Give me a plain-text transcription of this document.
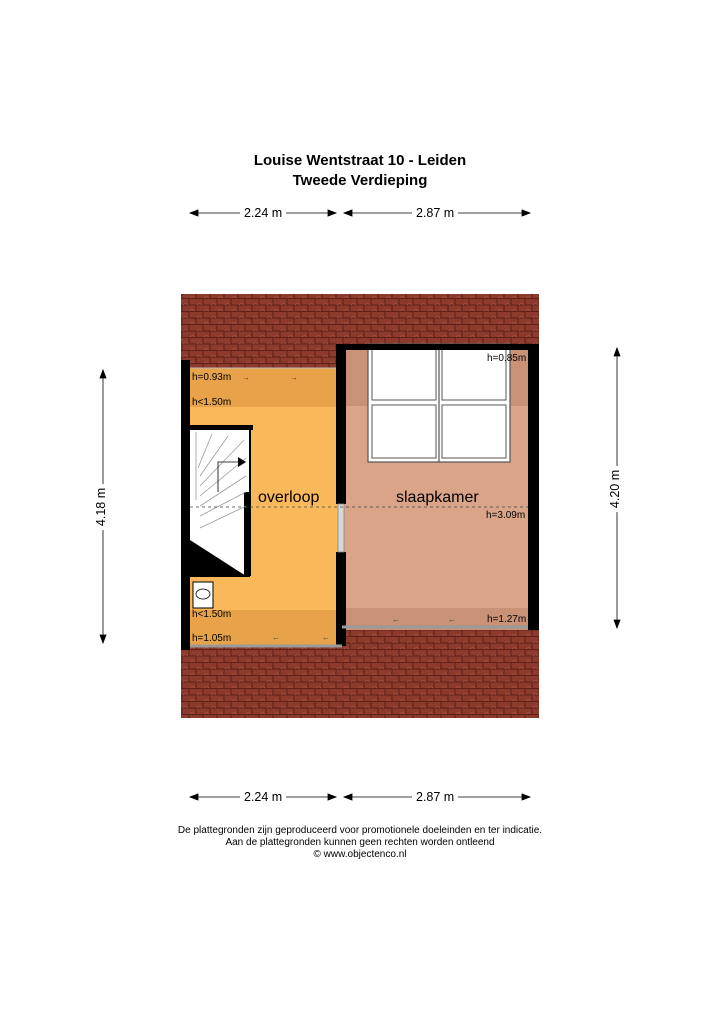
Louise Wentstraat 10 - Leiden
Tweede Verdieping
→	→
←	←
←	←
overloop	slaapkamer
h=0.93m
h<1.50m
h<1.50m
h=1.05m
h=0.85m
h=3.09m
h=1.27m
2.24 m	2.87 m
2.24 m	2.87 m
4.18 m	4.20 m
De plattegronden zijn geproduceerd voor promotionele doeleinden en ter indicatie.
Aan de plattegronden kunnen geen rechten worden ontleend
© www.objectenco.nl
